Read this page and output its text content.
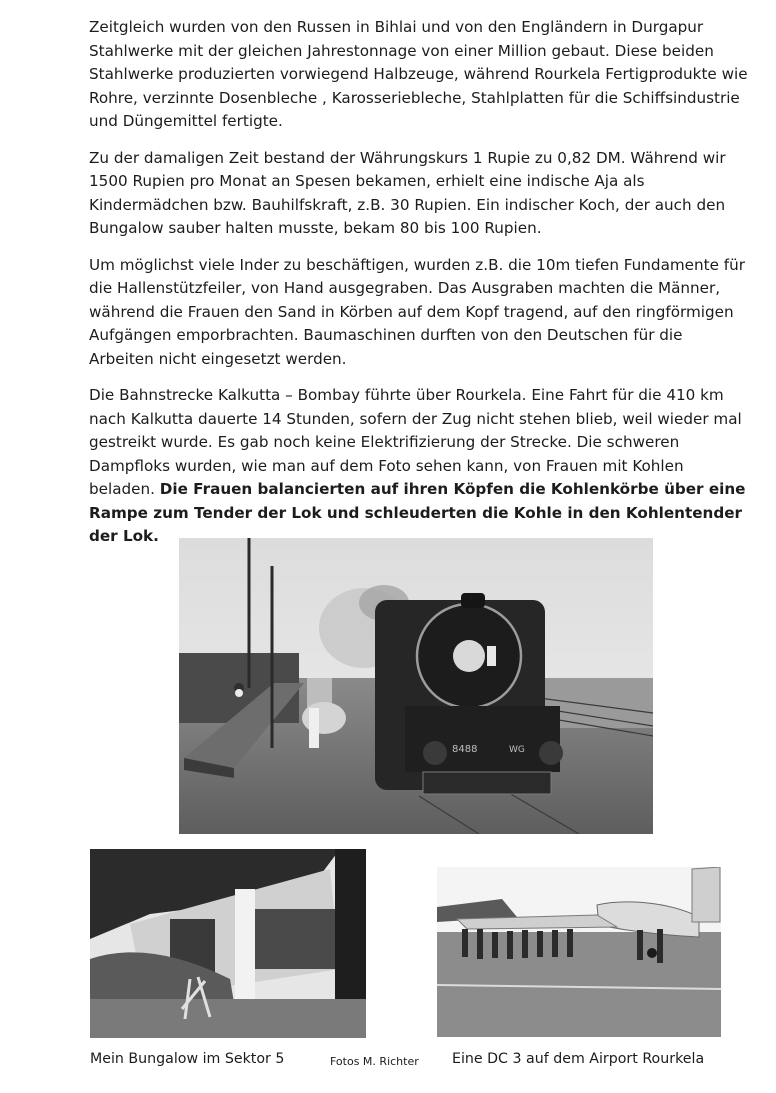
Zeitgleich wurden von den Russen in Bihlai und von den Engländern in Durgapur Stahlwerke mit der gleichen Jahrestonnage von einer Million gebaut. Diese beiden Stahlwerke produzierten vorwiegend Halbzeuge, während Rourkela Fertigprodukte wie Rohre, verzinnte Dosenbleche , Karosseriebleche, Stahlplatten für die Schiffsindustrie und Düngemittel fertigte.

Zu der damaligen Zeit bestand der Währungskurs 1 Rupie zu 0,82 DM. Während wir 1500 Rupien pro Monat an Spesen bekamen, erhielt eine indische Aja als Kindermädchen bzw. Bauhilfskraft, z.B. 30 Rupien. Ein indischer Koch, der auch den Bungalow sauber halten musste, bekam 80 bis 100 Rupien.

Um möglichst viele Inder zu beschäftigen, wurden z.B. die 10m tiefen Fundamente für die Hallenstützfeiler, von Hand ausgegraben. Das Ausgraben machten die Männer, während die Frauen den Sand in Körben auf dem Kopf tragend, auf den ringförmigen Aufgängen emporbrachten. Baumaschinen durften von den Deutschen für die Arbeiten nicht eingesetzt werden.

Die Bahnstrecke Kalkutta – Bombay führte über Rourkela. Eine Fahrt für die 410 km nach Kalkutta dauerte 14 Stunden, sofern der Zug nicht stehen blieb, weil wieder mal gestreikt wurde. Es gab noch keine Elektrifizierung der Strecke. Die schweren Dampfloks wurden, wie man auf dem Foto sehen kann, von Frauen mit Kohlen beladen. Die Frauen balancierten auf ihren Köpfen die Kohlenkörbe über eine Rampe zum Tender der Lok und schleuderten die Kohle in den Kohlentender der Lok.

8488	WG
Mein Bungalow im Sektor 5	Fotos M. Richter Eine DC 3 auf dem Airport Rourkela
